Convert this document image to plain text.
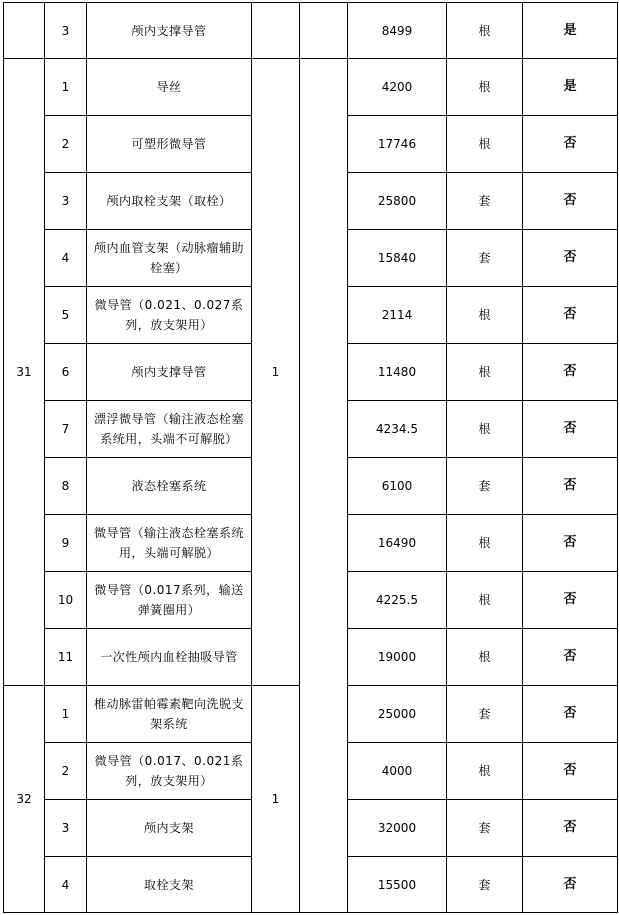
	3	颅内支撑导管			8499	根	是
31	1	导丝	1		4200	根	是
	2	可塑形微导管			17746	根	否
	3	颅内取栓支架（取栓）			25800	套	否
	4	颅内血管支架（动脉瘤辅助栓塞）			15840	套	否
	5	微导管（0.021、0.027系列，放支架用）			2114	根	否
	6	颅内支撑导管			11480	根	否
	7	漂浮微导管（输注液态栓塞系统用，头端不可解脱）			4234.5	根	否
	8	液态栓塞系统			6100	套	否
	9	微导管（输注液态栓塞系统用，头端可解脱）			16490	根	否
	10	微导管（0.017系列，输送弹簧圈用）			4225.5	根	否
	11	一次性颅内血栓抽吸导管			19000	根	否
32	1	椎动脉雷帕霉素靶向洗脱支架系统	1		25000	套	否
	2	微导管（0.017、0.021系列，放支架用）			4000	根	否
	3	颅内支架			32000	套	否
	4	取栓支架			15500	套	否
